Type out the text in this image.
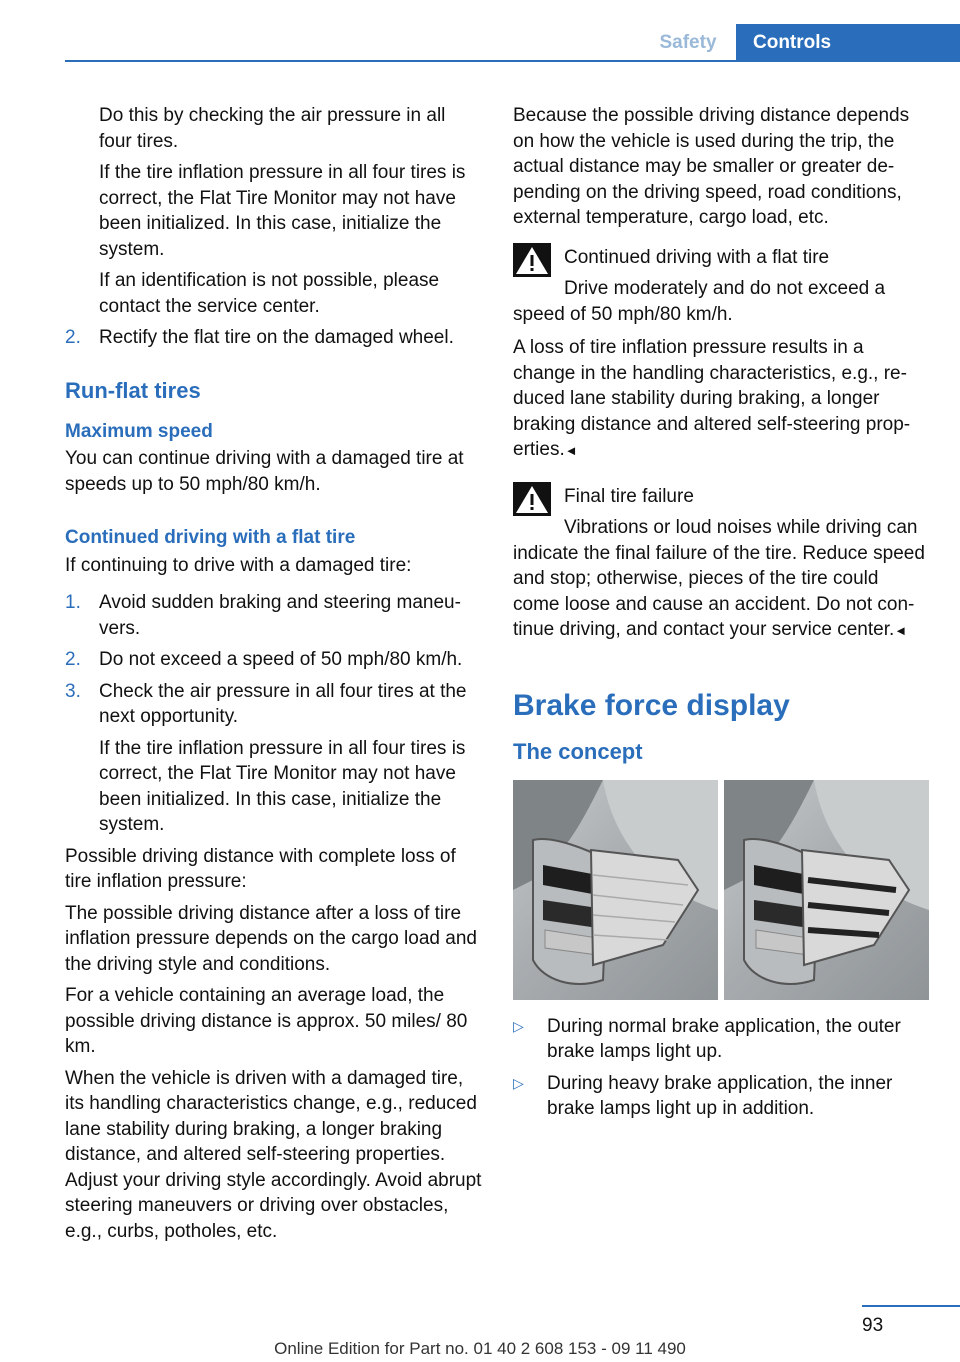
Safety	Controls

Do this by checking the air pressure in all four tires.

If the tire inflation pressure in all four tires is correct, the Flat Tire Monitor may not have been initialized. In this case, initialize the system.

If an identification is not possible, please contact the service center.

2. Rectify the flat tire on the damaged wheel.
Run-flat tires
Maximum speed

You can continue driving with a damaged tire at speeds up to 50 mph/80 km/h.

Continued driving with a flat tire

If continuing to drive with a damaged tire:

1. Avoid sudden braking and steering maneuvers.
2. Do not exceed a speed of 50 mph/80 km/h.
3. Check the air pressure in all four tires at the next opportunity.

If the tire inflation pressure in all four tires is correct, the Flat Tire Monitor may not have been initialized. In this case, initialize the system.

Possible driving distance with complete loss of tire inflation pressure:

The possible driving distance after a loss of tire inflation pressure depends on the cargo load and the driving style and conditions.

For a vehicle containing an average load, the possible driving distance is approx. 50 miles/ 80 km.

When the vehicle is driven with a damaged tire, its handling characteristics change, e.g., reduced lane stability during braking, a longer braking distance, and altered self-steering properties. Adjust your driving style accordingly. Avoid abrupt steering maneuvers or driving over obstacles, e.g., curbs, potholes, etc.

Because the possible driving distance depends on how the vehicle is used during the trip, the actual distance may be smaller or greater depending on the driving speed, road conditions, external temperature, cargo load, etc.

Continued driving with a flat tire

Drive moderately and do not exceed a speed of 50 mph/80 km/h.

A loss of tire inflation pressure results in a change in the handling characteristics, e.g., reduced lane stability during braking, a longer braking distance and altered self-steering properties.◄

Final tire failure

Vibrations or loud noises while driving can indicate the final failure of the tire. Reduce speed and stop; otherwise, pieces of the tire could come loose and cause an accident. Do not continue driving, and contact your service center.◄

Brake force display
The concept
▷	During normal brake application, the outer brake lamps light up.
▷	During heavy brake application, the inner brake lamps light up in addition.
93
Online Edition for Part no. 01 40 2 608 153 - 09 11 490
